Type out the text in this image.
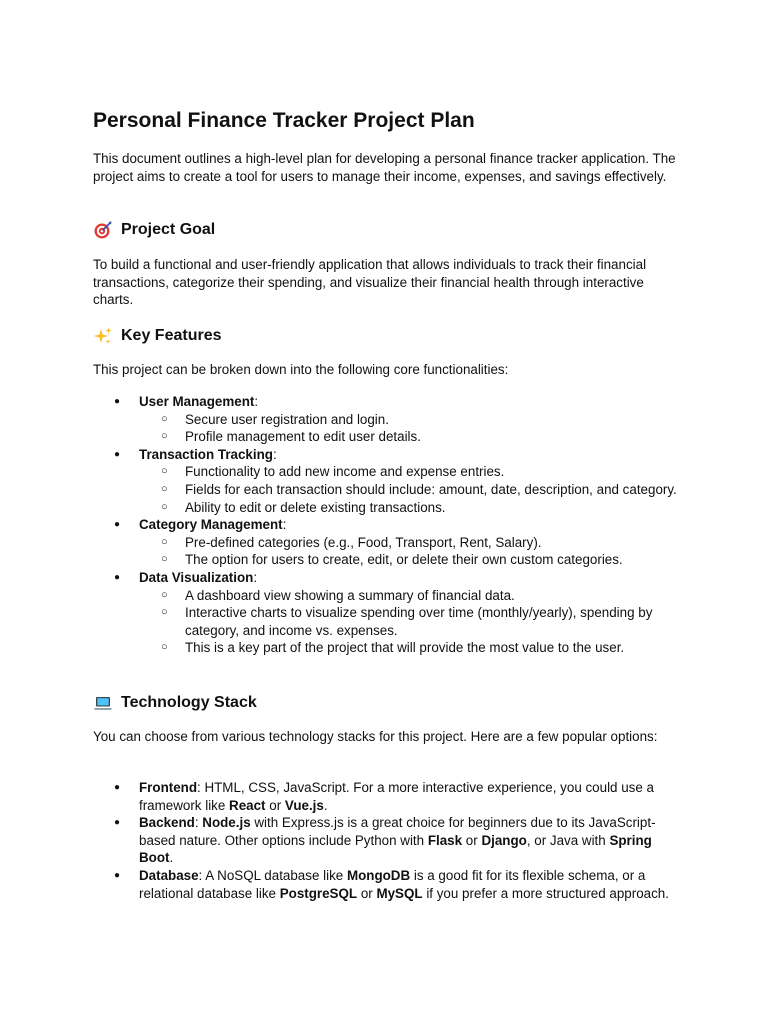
Personal Finance Tracker Project Plan

This document outlines a high-level plan for developing a personal finance tracker application. The project aims to create a tool for users to manage their income, expenses, and savings effectively.

Project Goal

To build a functional and user-friendly application that allows individuals to track their financial transactions, categorize their spending, and visualize their financial health through interactive charts.

Key Features

This project can be broken down into the following core functionalities:

● User Management:
○ Secure user registration and login.
○ Profile management to edit user details.
● Transaction Tracking:
○ Functionality to add new income and expense entries.
○ Fields for each transaction should include: amount, date, description, and category.
○ Ability to edit or delete existing transactions.
● Category Management:
○ Pre-defined categories (e.g., Food, Transport, Rent, Salary).
○ The option for users to create, edit, or delete their own custom categories.
● Data Visualization:
○ A dashboard view showing a summary of financial data.
○ Interactive charts to visualize spending over time (monthly/yearly), spending by category, and income vs. expenses.
○ This is a key part of the project that will provide the most value to the user.
Technology Stack

You can choose from various technology stacks for this project. Here are a few popular options:

● Frontend: HTML, CSS, JavaScript. For a more interactive experience, you could use a framework like React or Vue.js.
● Backend: Node.js with Express.js is a great choice for beginners due to its JavaScript-based nature. Other options include Python with Flask or Django, or Java with Spring Boot.
● Database: A NoSQL database like MongoDB is a good fit for its flexible schema, or a relational database like PostgreSQL or MySQL if you prefer a more structured approach.
